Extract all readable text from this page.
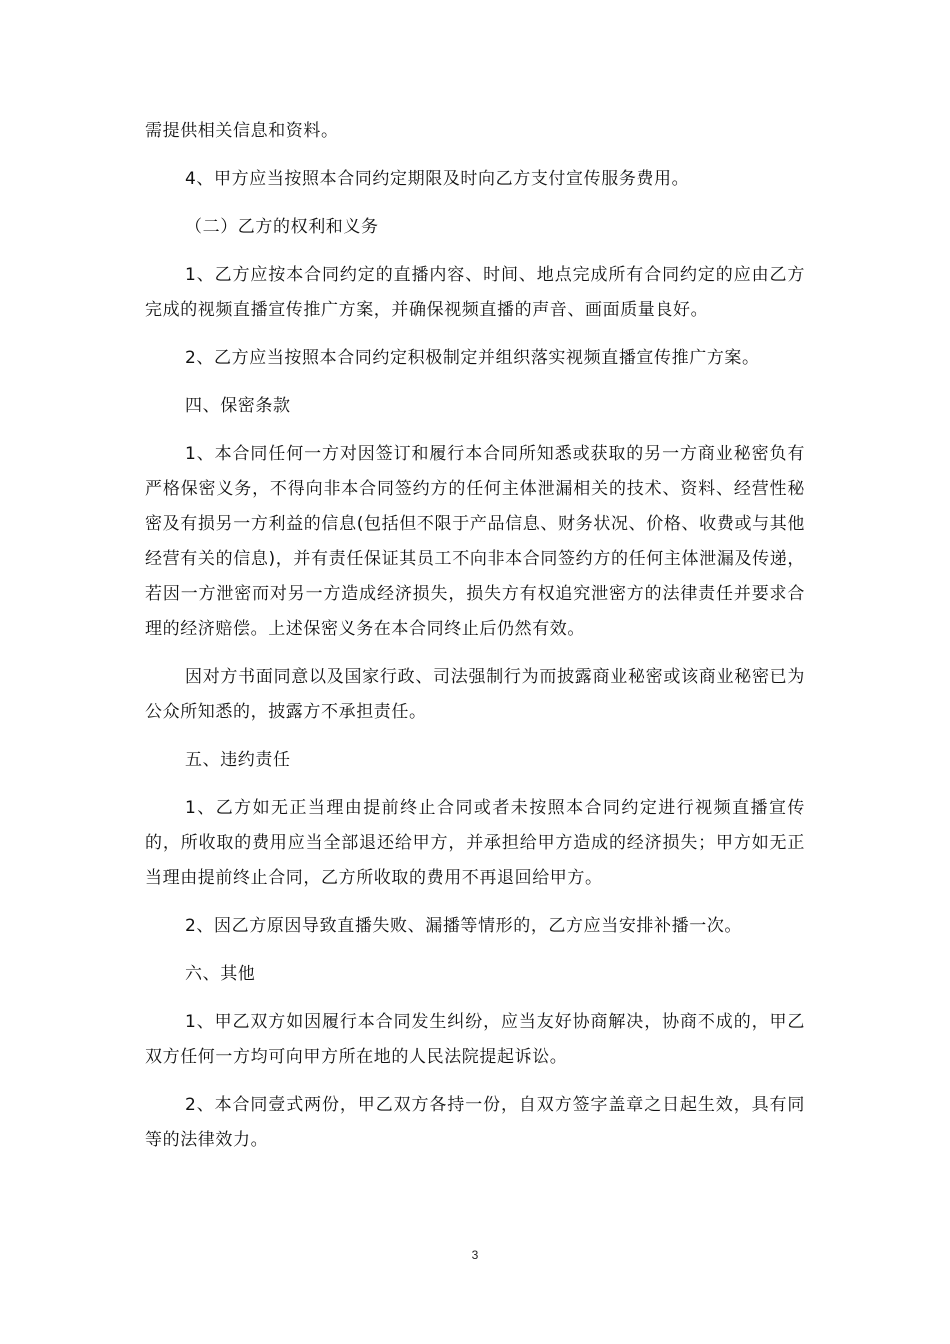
需提供相关信息和资料。

4、甲方应当按照本合同约定期限及时向乙方支付宣传服务费用。

（二）乙方的权利和义务

1、乙方应按本合同约定的直播内容、时间、地点完成所有合同约定的应由乙方完成的视频直播宣传推广方案，并确保视频直播的声音、画面质量良好。

2、乙方应当按照本合同约定积极制定并组织落实视频直播宣传推广方案。

四、保密条款

1、本合同任何一方对因签订和履行本合同所知悉或获取的另一方商业秘密负有严格保密义务，不得向非本合同签约方的任何主体泄漏相关的技术、资料、经营性秘密及有损另一方利益的信息(包括但不限于产品信息、财务状况、价格、收费或与其他经营有关的信息)，并有责任保证其员工不向非本合同签约方的任何主体泄漏及传递，若因一方泄密而对另一方造成经济损失，损失方有权追究泄密方的法律责任并要求合理的经济赔偿。上述保密义务在本合同终止后仍然有效。

因对方书面同意以及国家行政、司法强制行为而披露商业秘密或该商业秘密已为公众所知悉的，披露方不承担责任。

五、违约责任

1、乙方如无正当理由提前终止合同或者未按照本合同约定进行视频直播宣传的，所收取的费用应当全部退还给甲方，并承担给甲方造成的经济损失；甲方如无正当理由提前终止合同，乙方所收取的费用不再退回给甲方。

2、因乙方原因导致直播失败、漏播等情形的，乙方应当安排补播一次。

六、其他

1、甲乙双方如因履行本合同发生纠纷，应当友好协商解决，协商不成的，甲乙双方任何一方均可向甲方所在地的人民法院提起诉讼。

2、本合同壹式两份，甲乙双方各持一份，自双方签字盖章之日起生效，具有同等的法律效力。

3
